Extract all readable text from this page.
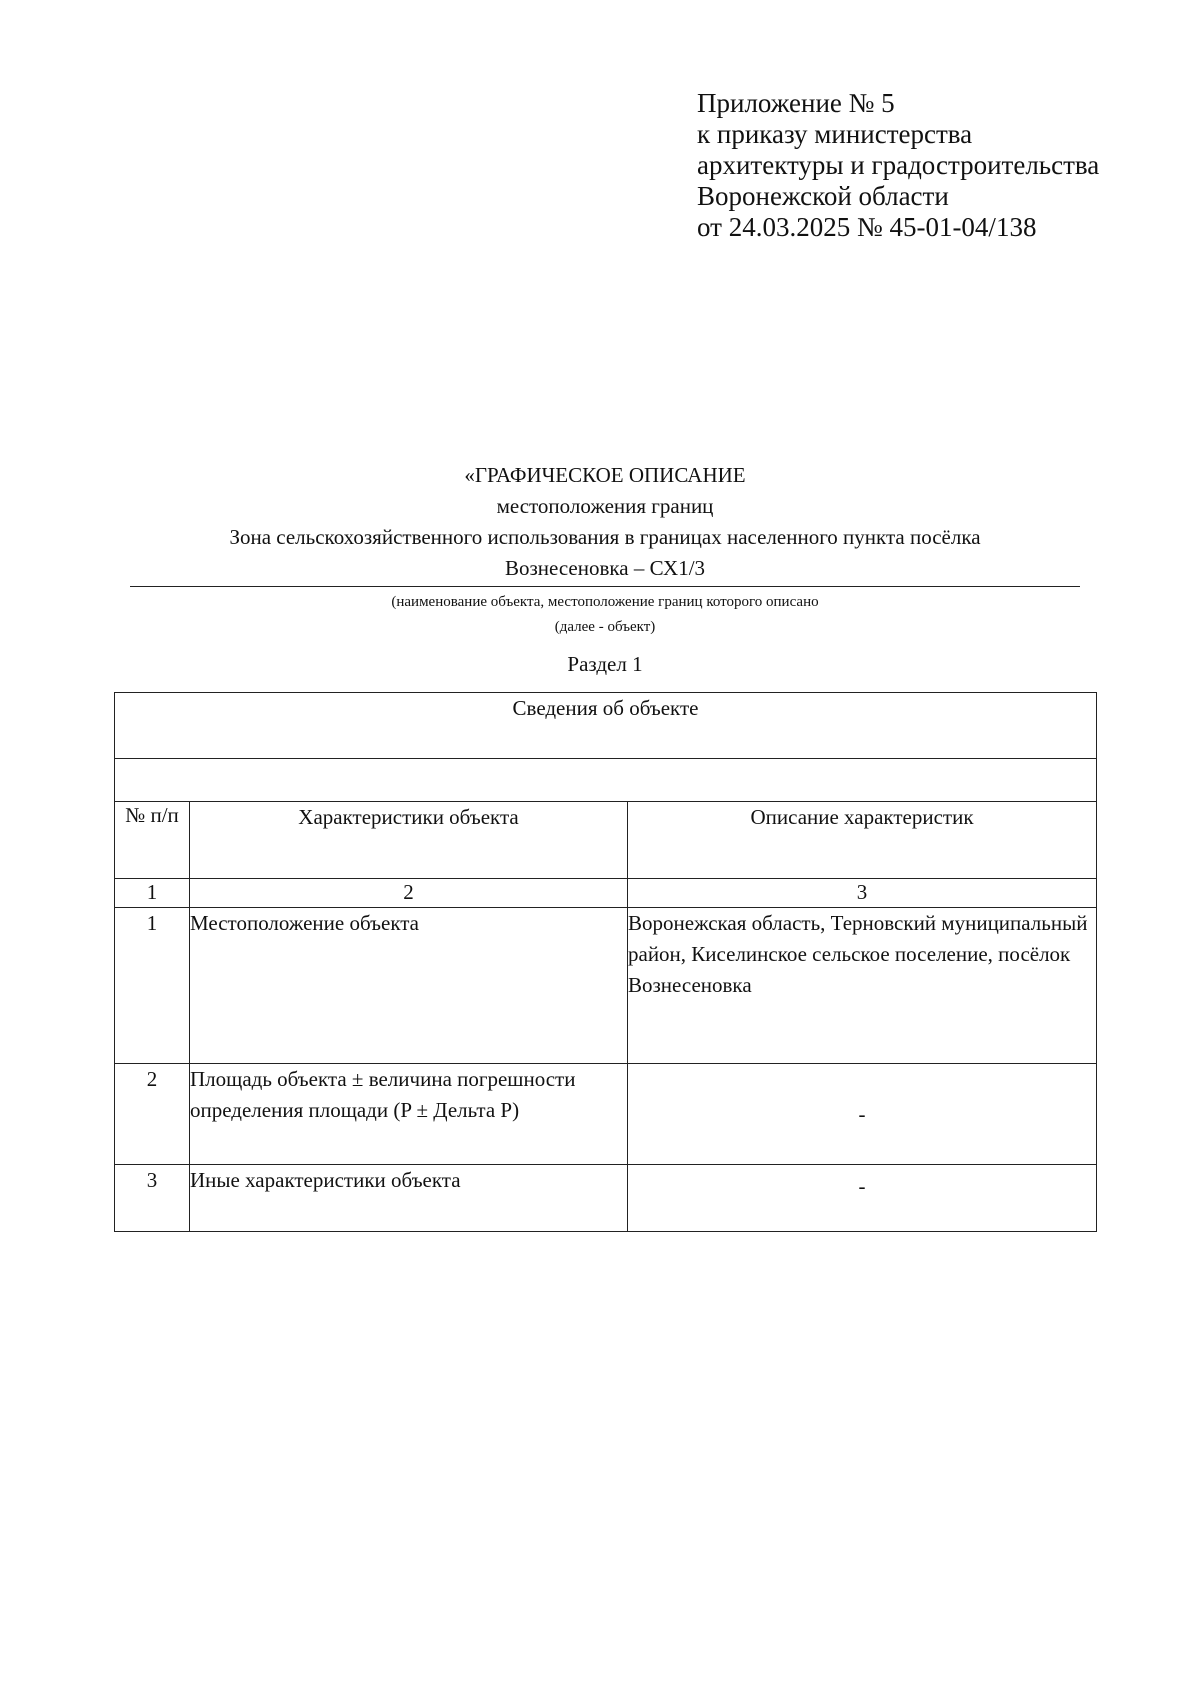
Приложение № 5
к приказу министерства
архитектуры и градостроительства
Воронежской области
от 24.03.2025 № 45-01-04/138
«ГРАФИЧЕСКОЕ ОПИСАНИЕ
местоположения границ
Зона сельскохозяйственного использования в границах населенного пункта посёлка
Вознесеновка – СХ1/3
(наименование объекта, местоположение границ которого описано
(далее - объект)
Раздел 1
Сведения об объекте		

№ п/п	Характеристики объекта	Описание характеристик
1	2	3
1	Местоположение объекта	Воронежская область, Терновский муниципальный район, Киселинское сельское поселение, посёлок Вознесеновка
2	Площадь объекта ± величина погрешности определения площади (P ± Дельта P)	-
3	Иные характеристики объекта	-
